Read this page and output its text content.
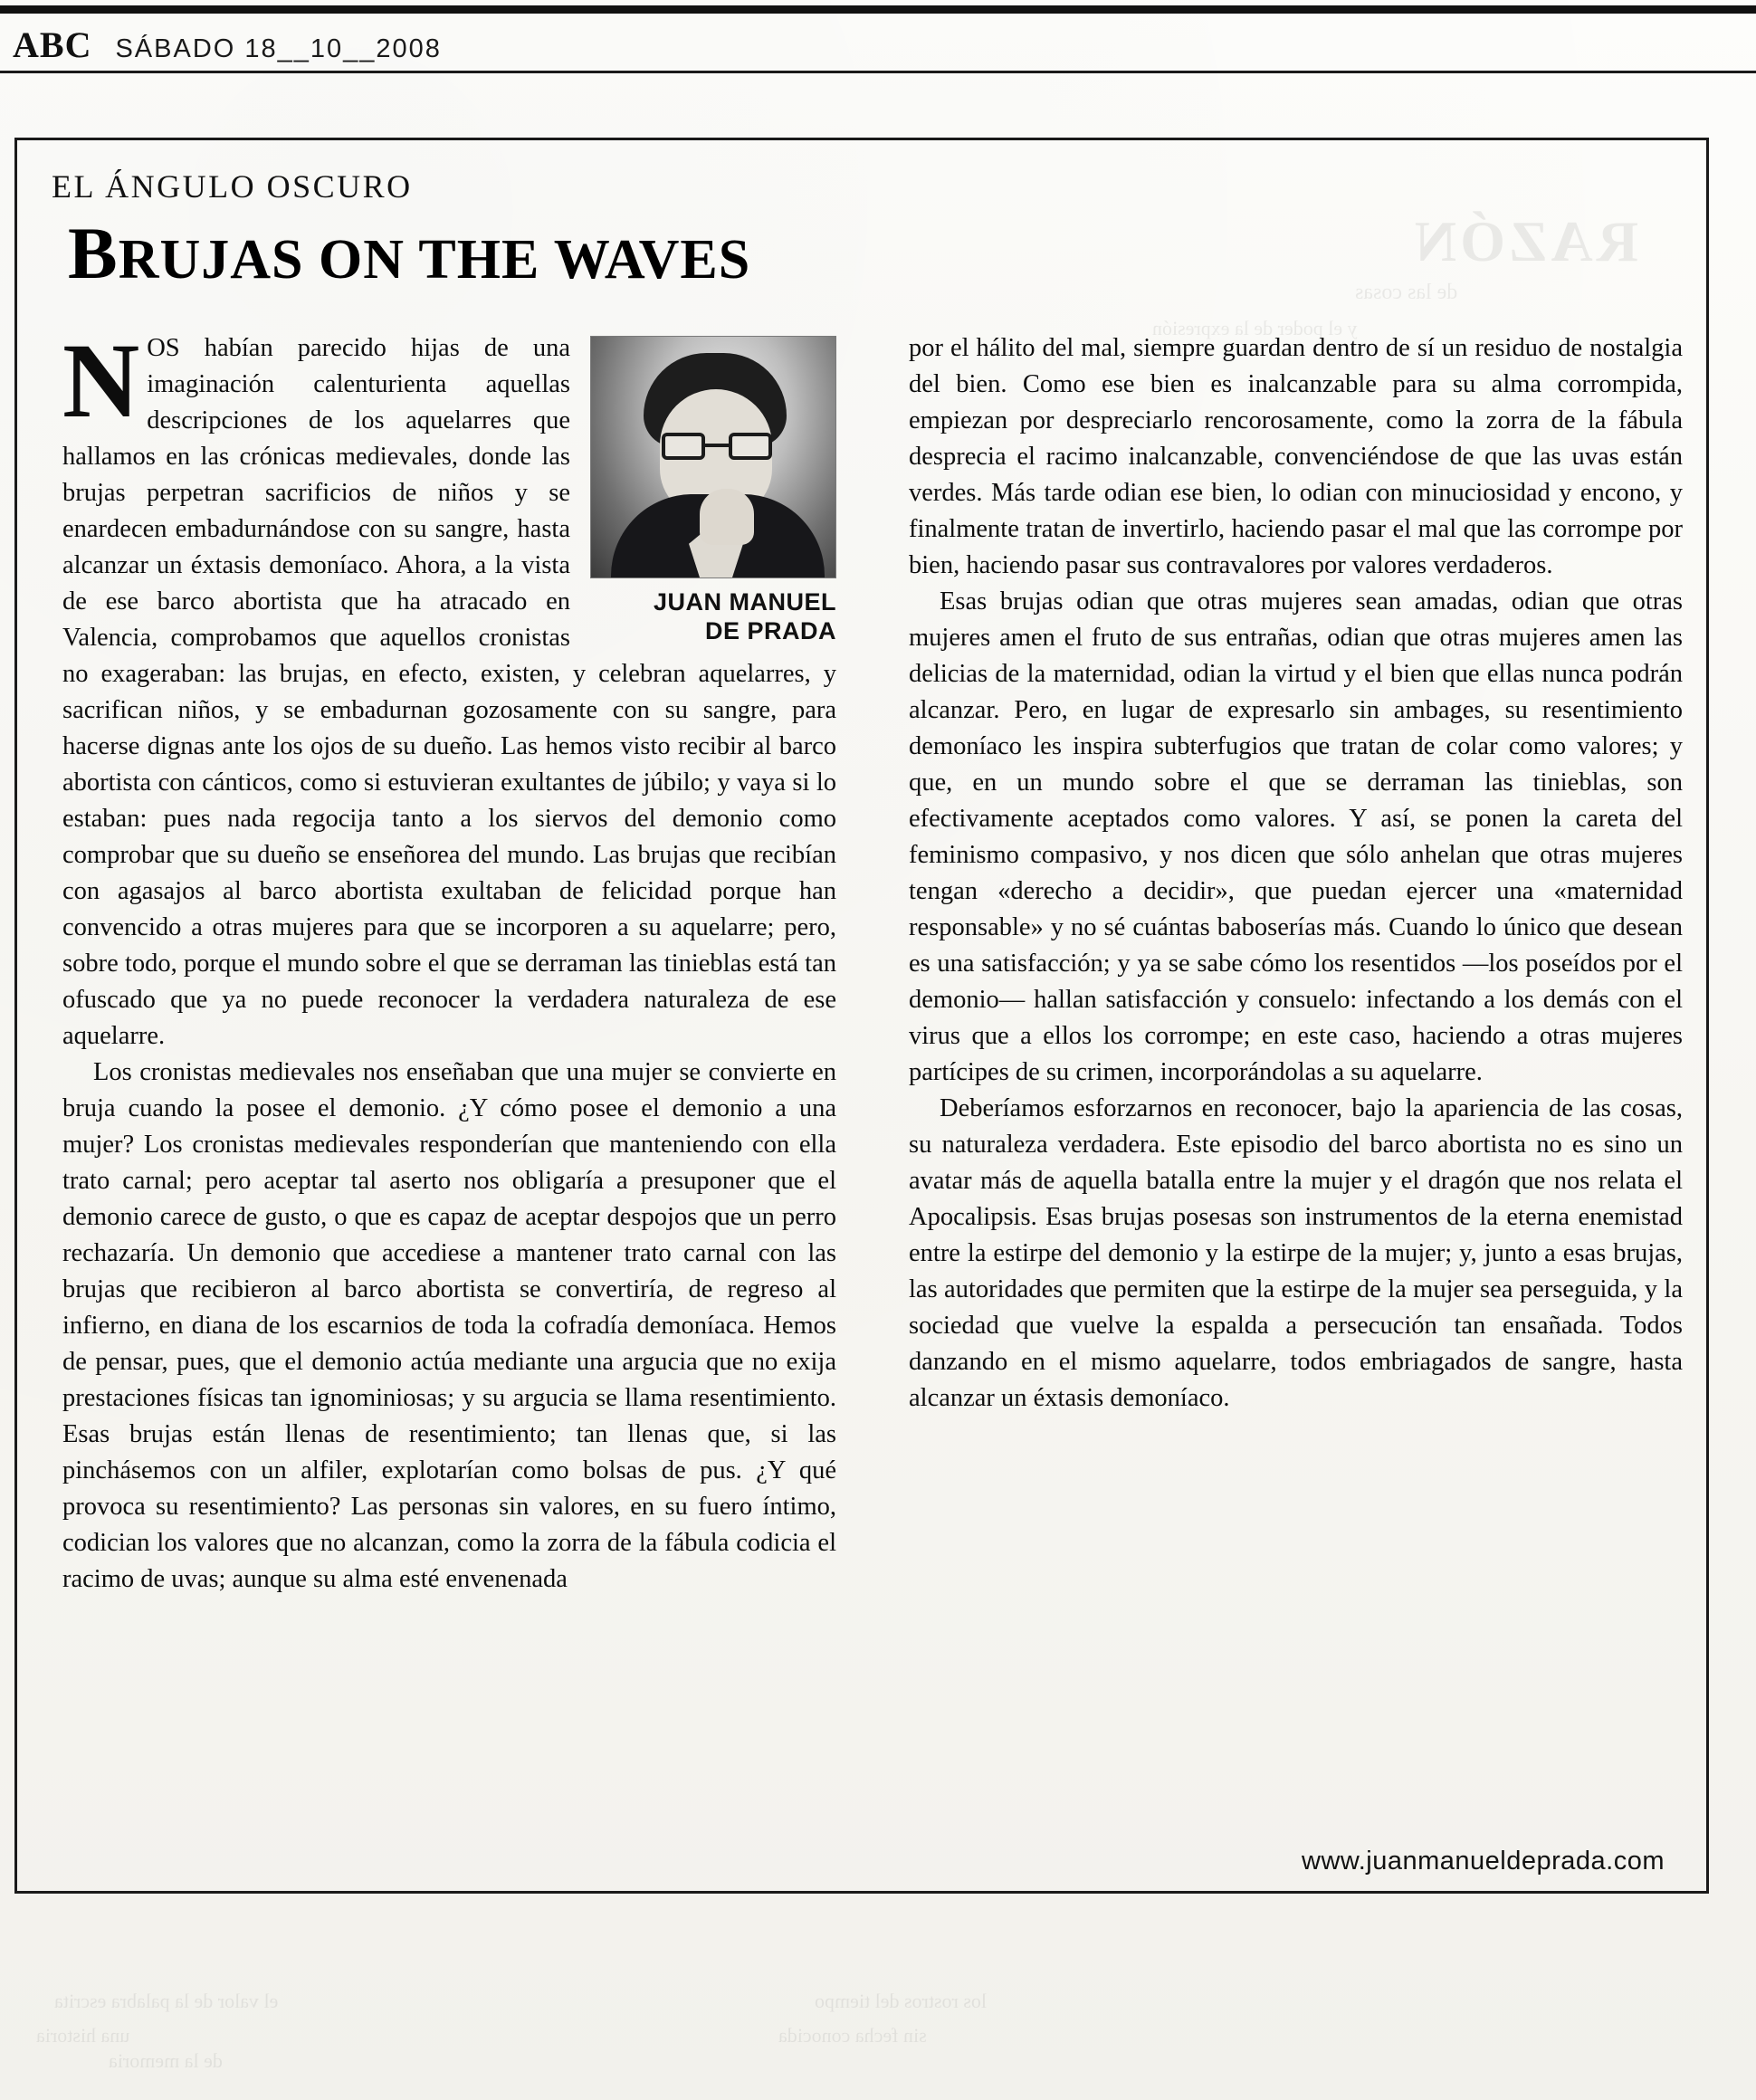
ABC SÁBADO 18__10__2008
RAZÓN
de las cosas
y el poder de la expresión
el valor de la palabra escrita
una historia
de la memoria
los rostros del tiempo
sin fecha conocida
EL ÁNGULO OSCURO
BRUJAS ON THE WAVES
JUAN MANUEL
DE PRADA

NOS habían parecido hijas de una imaginación calenturienta aquellas descripciones de los aquelarres que hallamos en las crónicas medievales, donde las brujas perpetran sacrificios de niños y se enardecen embadurnándose con su sangre, hasta alcanzar un éxtasis demoníaco. Ahora, a la vista de ese barco abortista que ha atracado en Valencia, comprobamos que aquellos cronistas no exageraban: las brujas, en efecto, existen, y celebran aquelarres, y sacrifican niños, y se embadurnan gozosamente con su sangre, para hacerse dignas ante los ojos de su dueño. Las hemos visto recibir al barco abortista con cánticos, como si estuvieran exultantes de júbilo; y vaya si lo estaban: pues nada regocija tanto a los siervos del demonio como comprobar que su dueño se enseñorea del mundo. Las brujas que recibían con agasajos al barco abortista exultaban de felicidad porque han convencido a otras mujeres para que se incorporen a su aquelarre; pero, sobre todo, porque el mundo sobre el que se derraman las tinieblas está tan ofuscado que ya no puede reconocer la verdadera naturaleza de ese aquelarre.

Los cronistas medievales nos enseñaban que una mujer se convierte en bruja cuando la posee el demonio. ¿Y cómo posee el demonio a una mujer? Los cronistas medievales responderían que manteniendo con ella trato carnal; pero aceptar tal aserto nos obligaría a presuponer que el demonio carece de gusto, o que es capaz de aceptar despojos que un perro rechazaría. Un demonio que accediese a mantener trato carnal con las brujas que recibieron al barco abortista se convertiría, de regreso al infierno, en diana de los escarnios de toda la cofradía demoníaca. Hemos de pensar, pues, que el demonio actúa mediante una argucia que no exija prestaciones físicas tan ignominiosas; y su argucia se llama resentimiento. Esas brujas están llenas de resentimiento; tan llenas que, si las pinchásemos con un alfiler, explotarían como bolsas de pus. ¿Y qué provoca su resentimiento? Las personas sin valores, en su fuero íntimo, codician los valores que no alcanzan, como la zorra de la fábula codicia el racimo de uvas; aunque su alma esté envenenada

por el hálito del mal, siempre guardan dentro de sí un residuo de nostalgia del bien. Como ese bien es inalcanzable para su alma corrompida, empiezan por despreciarlo rencorosamente, como la zorra de la fábula desprecia el racimo inalcanzable, convenciéndose de que las uvas están verdes. Más tarde odian ese bien, lo odian con minuciosidad y encono, y finalmente tratan de invertirlo, haciendo pasar el mal que las corrompe por bien, haciendo pasar sus contravalores por valores verdaderos.

Esas brujas odian que otras mujeres sean amadas, odian que otras mujeres amen el fruto de sus entrañas, odian que otras mujeres amen las delicias de la maternidad, odian la virtud y el bien que ellas nunca podrán alcanzar. Pero, en lugar de expresarlo sin ambages, su resentimiento demoníaco les inspira subterfugios que tratan de colar como valores; y que, en un mundo sobre el que se derraman las tinieblas, son efectivamente aceptados como valores. Y así, se ponen la careta del feminismo compasivo, y nos dicen que sólo anhelan que otras mujeres tengan «derecho a decidir», que puedan ejercer una «maternidad responsable» y no sé cuántas baboserías más. Cuando lo único que desean es una satisfacción; y ya se sabe cómo los resentidos —los poseídos por el demonio— hallan satisfacción y consuelo: infectando a los demás con el virus que a ellos los corrompe; en este caso, haciendo a otras mujeres partícipes de su crimen, incorporándolas a su aquelarre.

Deberíamos esforzarnos en reconocer, bajo la apariencia de las cosas, su naturaleza verdadera. Este episodio del barco abortista no es sino un avatar más de aquella batalla entre la mujer y el dragón que nos relata el Apocalipsis. Esas brujas posesas son instrumentos de la eterna enemistad entre la estirpe del demonio y la estirpe de la mujer; y, junto a esas brujas, las autoridades que permiten que la estirpe de la mujer sea perseguida, y la sociedad que vuelve la espalda a persecución tan ensañada. Todos danzando en el mismo aquelarre, todos embriagados de sangre, hasta alcanzar un éxtasis demoníaco.

www.juanmanueldeprada.com
